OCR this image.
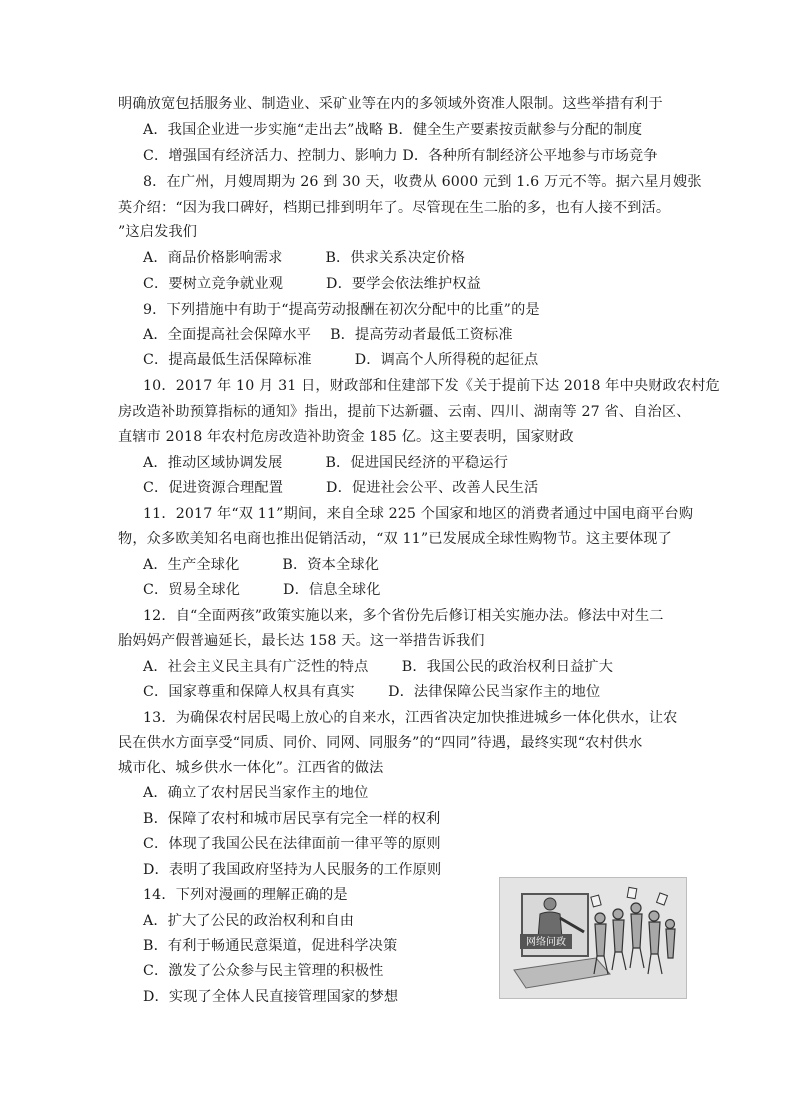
明确放宽包括服务业、制造业、采矿业等在内的多领域外资准人限制。这些举措有利于
A．我国企业进一步实施“走出去”战略 B．健全生产要素按贡献参与分配的制度
C．增强国有经济活力、控制力、影响力 D．各种所有制经济公平地参与市场竞争
8．在广州，月嫂周期为 26 到 30 天，收费从 6000 元到 1.6 万元不等。据六星月嫂张
英介绍：“因为我口碑好，档期已排到明年了。尽管现在生二胎的多，也有人接不到活。
”这启发我们
A．商品价格影响需求　　　B．供求关系决定价格
C．要树立竞争就业观　　　D．要学会依法维护权益
9．下列措施中有助于“提高劳动报酬在初次分配中的比重”的是
A．全面提高社会保障水平　 B．提高劳动者最低工资标准
C．提高最低生活保障标准　　　D．调高个人所得税的起征点
10．2017 年 10 月 31 日，财政部和住建部下发《关于提前下达 2018 年中央财政农村危
房改造补助预算指标的通知》指出，提前下达新疆、云南、四川、湖南等 27 省、自治区、
直辖市 2018 年农村危房改造补助资金 185 亿。这主要表明，国家财政
A．推动区域协调发展　　　B．促进国民经济的平稳运行
C．促进资源合理配置　　　D．促进社会公平、改善人民生活
11．2017 年“双 11”期间，来自全球 225 个国家和地区的消费者通过中国电商平台购
物，众多欧美知名电商也推出促销活动，“双 11”已发展成全球性购物节。这主要体现了
A．生产全球化　　　B．资本全球化
C．贸易全球化　　　D．信息全球化
12．自“全面两孩”政策实施以来，多个省份先后修订相关实施办法。修法中对生二
胎妈妈产假普遍延长，最长达 158 天。这一举措告诉我们
A．社会主义民主具有广泛性的特点　　 B．我国公民的政治权利日益扩大
C．国家尊重和保障人权具有真实　　 D．法律保障公民当家作主的地位
13．为确保农村居民喝上放心的自来水，江西省决定加快推进城乡一体化供水，让农
民在供水方面享受“同质、同价、同网、同服务”的“四同”待遇，最终实现“农村供水
城市化、城乡供水一体化”。江西省的做法
A．确立了农村居民当家作主的地位
B．保障了农村和城市居民享有完全一样的权利
C．体现了我国公民在法律面前一律平等的原则
D．表明了我国政府坚持为人民服务的工作原则
14．下列对漫画的理解正确的是
A．扩大了公民的政治权利和自由
B．有利于畅通民意渠道，促进科学决策
C．激发了公众参与民主管理的积极性
D．实现了全体人民直接管理国家的梦想
网络问政
